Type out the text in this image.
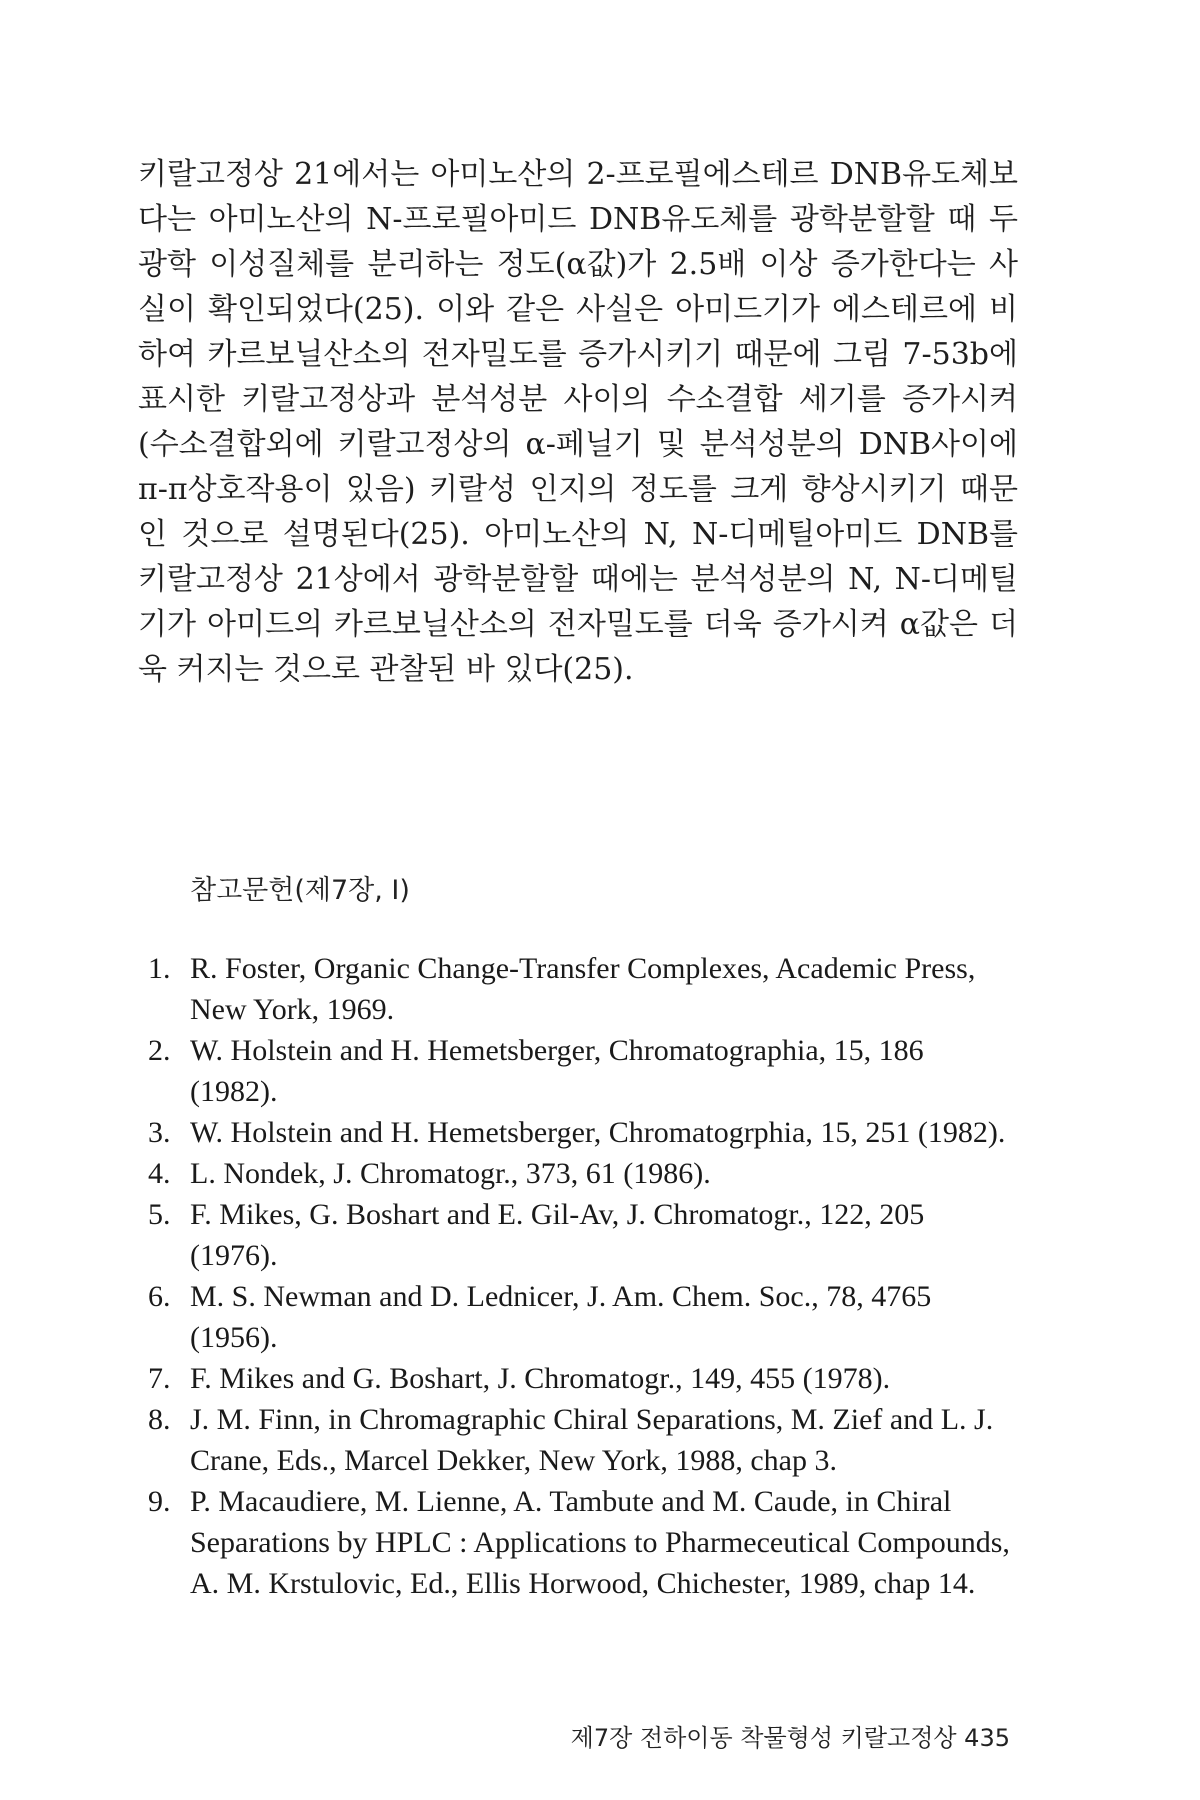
키랄고정상 21에서는 아미노산의 2-프로필에스테르 DNB유도체보다는 아미노산의 N-프로필아미드 DNB유도체를 광학분할할 때 두 광학 이성질체를 분리하는 정도(α값)가 2.5배 이상 증가한다는 사실이 확인되었다(25). 이와 같은 사실은 아미드기가 에스테르에 비하여 카르보닐산소의 전자밀도를 증가시키기 때문에 그림 7-53b에 표시한 키랄고정상과 분석성분 사이의 수소결합 세기를 증가시켜(수소결합외에 키랄고정상의 α-페닐기 및 분석성분의 DNB사이에 π-π상호작용이 있음) 키랄성 인지의 정도를 크게 향상시키기 때문인 것으로 설명된다(25). 아미노산의 N, N-디메틸아미드 DNB를 키랄고정상 21상에서 광학분할할 때에는 분석성분의 N, N-디메틸기가 아미드의 카르보닐산소의 전자밀도를 더욱 증가시켜 α값은 더욱 커지는 것으로 관찰된 바 있다(25).

참고문헌(제7장, I)
1. R. Foster, Organic Change-Transfer Complexes, Academic Press, New York, 1969.
2. W. Holstein and H. Hemetsberger, Chromatographia, 15, 186 (1982).
3. W. Holstein and H. Hemetsberger, Chromatogrphia, 15, 251 (1982).
4. L. Nondek, J. Chromatogr., 373, 61 (1986).
5. F. Mikes, G. Boshart and E. Gil-Av, J. Chromatogr., 122, 205 (1976).
6. M. S. Newman and D. Lednicer, J. Am. Chem. Soc., 78, 4765 (1956).
7. F. Mikes and G. Boshart, J. Chromatogr., 149, 455 (1978).
8. J. M. Finn, in Chromagraphic Chiral Separations, M. Zief and L. J. Crane, Eds., Marcel Dekker, New York, 1988, chap 3.
9. P. Macaudiere, M. Lienne, A. Tambute and M. Caude, in Chiral Separations by HPLC : Applications to Pharmeceutical Compounds, A. M. Krstulovic, Ed., Ellis Horwood, Chichester, 1989, chap 14.
제7장 전하이동 착물형성 키랄고정상 435
